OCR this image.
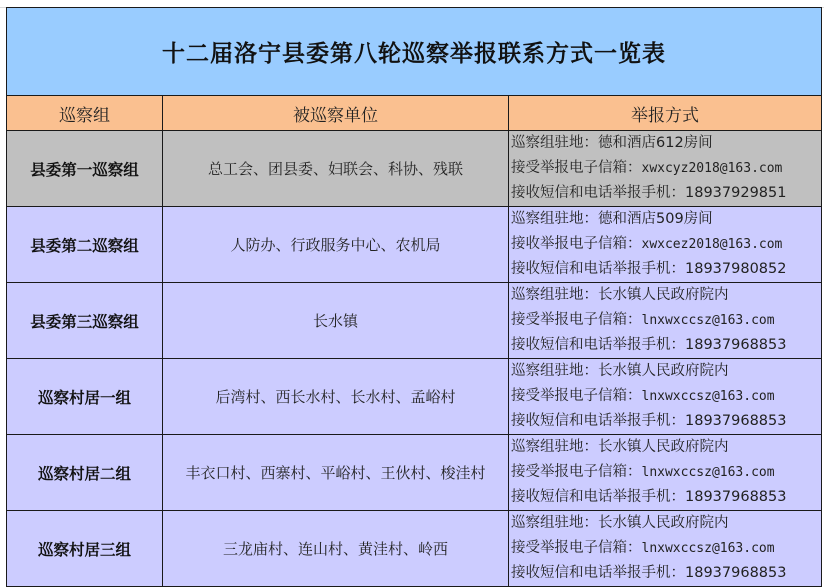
十二届洛宁县委第八轮巡察举报联系方式一览表		
巡察组	被巡察单位	举报方式
县委第一巡察组	总工会、团县委、妇联会、科协、残联	巡察组驻地：德和酒店612房间
接受举报电子信箱：xwxcyz2018@163.com
接收短信和电话举报手机：18937929851

县委第二巡察组	人防办、行政服务中心、农机局	巡察组驻地：德和酒店509房间
接收举报电子信箱：xwxcez2018@163.com
接收短信和电话举报手机：18937980852

县委第三巡察组	长水镇	巡察组驻地：长水镇人民政府院内
接受举报电子信箱：lnxwxccsz@163.com
接收短信和电话举报手机：18937968853

巡察村居一组	后湾村、西长水村、长水村、孟峪村	巡察组驻地：长水镇人民政府院内
接受举报电子信箱：lnxwxccsz@163.com
接收短信和电话举报手机：18937968853

巡察村居二组	丰衣口村、西寨村、平峪村、王伙村、梭洼村	巡察组驻地：长水镇人民政府院内
接受举报电子信箱：lnxwxccsz@163.com
接收短信和电话举报手机：18937968853

巡察村居三组	三龙庙村、连山村、黄洼村、岭西	巡察组驻地：长水镇人民政府院内
接受举报电子信箱：lnxwxccsz@163.com
接收短信和电话举报手机：18937968853
